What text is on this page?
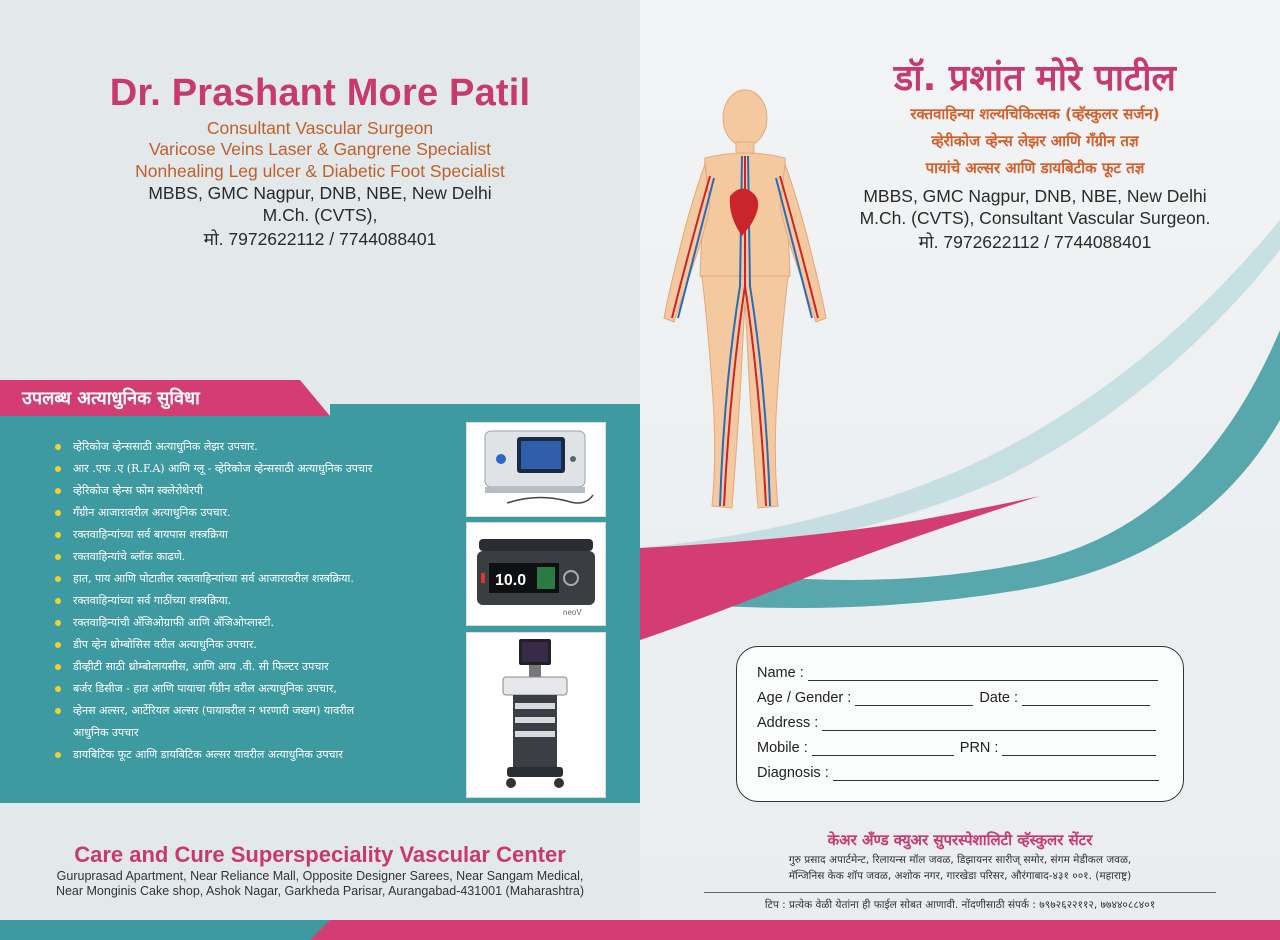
Dr. Prashant More Patil
Consultant Vascular Surgeon
Varicose Veins Laser & Gangrene Specialist
Nonhealing Leg ulcer & Diabetic Foot Specialist
MBBS, GMC Nagpur, DNB, NBE, New Delhi
M.Ch. (CVTS),
मो. 7972622112 / 7744088401
उपलब्ध अत्याधुनिक सुविधा
व्हेरिकोज व्हेन्ससाठी अत्याधुनिक लेझर उपचार.
आर .एफ .ए (R.F.A) आणि ग्लू - व्हेरिकोज व्हेन्ससाठी अत्याधुनिक उपचार
व्हेरिकोज व्हेन्स फोम स्क्लेरोथेरपी
गॅंग्रीन आजारावरील अत्याधुनिक उपचार.
रक्तवाहिन्यांच्या सर्व बायपास शस्त्रक्रिया
रक्तवाहिन्यांचे ब्लॉक काढणे.
हात, पाय आणि पोटातील रक्तवाहिन्यांच्या सर्व आजारावरील शस्त्रक्रिया.
रक्तवाहिन्यांच्या सर्व गाठींच्या शस्त्रक्रिया.
रक्तवाहिन्यांची अँजिओग्राफी आणि अँजिओप्लास्टी.
डीप व्हेन थ्रोम्बोसिस वरील अत्याधुनिक उपचार.
डीव्हीटी साठी थ्रोम्बोलायसीस, आणि आय .वी. सी फिल्टर उपचार
बर्जर डिसीज - हात आणि पायाचा गँग्रीन वरील अत्याधुनिक उपचार,
व्हेनस अल्सर, आर्टेरियल अल्सर (पायावरील न भरणारी जखम) यावरील
आधुनिक उपचार
डायबिटिक फूट आणि डायबिटिक अल्सर यावरील अत्याधुनिक उपचार
10.0
neoV
Care and Cure Superspeciality Vascular Center
Guruprasad Apartment, Near Reliance Mall, Opposite Designer Sarees, Near Sangam Medical,
Near Monginis Cake shop, Ashok Nagar, Garkheda Parisar, Aurangabad-431001 (Maharashtra)
डॉ. प्रशांत मोरे पाटील
रक्तवाहिन्या शल्यचिकित्सक (व्हॅस्कुलर सर्जन)
व्हेरीकोज व्हेन्स लेझर आणि गँग्रीन तज्ञ
पायांचे अल्सर आणि डायबिटीक फूट तज्ञ
MBBS, GMC Nagpur, DNB, NBE, New Delhi
M.Ch. (CVTS), Consultant Vascular Surgeon.
मो. 7972622112 / 7744088401
Name :
Age / Gender :	Date :
Address :
Mobile :	PRN :
Diagnosis :
केअर अँण्ड क्युअर सुपरस्पेशालिटी व्हॅस्कुलर सेंटर
गुरु प्रसाद अपार्टमेन्ट, रिलायन्स मॉल जवळ, डिझायनर सारीज् समोर, संगम मेडीकल जवळ,
मॅन्जिनिस केक शॉप जवळ, अशोक नगर, गारखेडा परिसर, औरंगाबाद-४३१ ००१. (महाराष्ट्र)
टिप : प्रत्येक वेळी येतांना ही फाईल सोबत आणावी. नोंदणीसाठी संपर्क : ७९७२६२२११२, ७७४४०८८४०१
